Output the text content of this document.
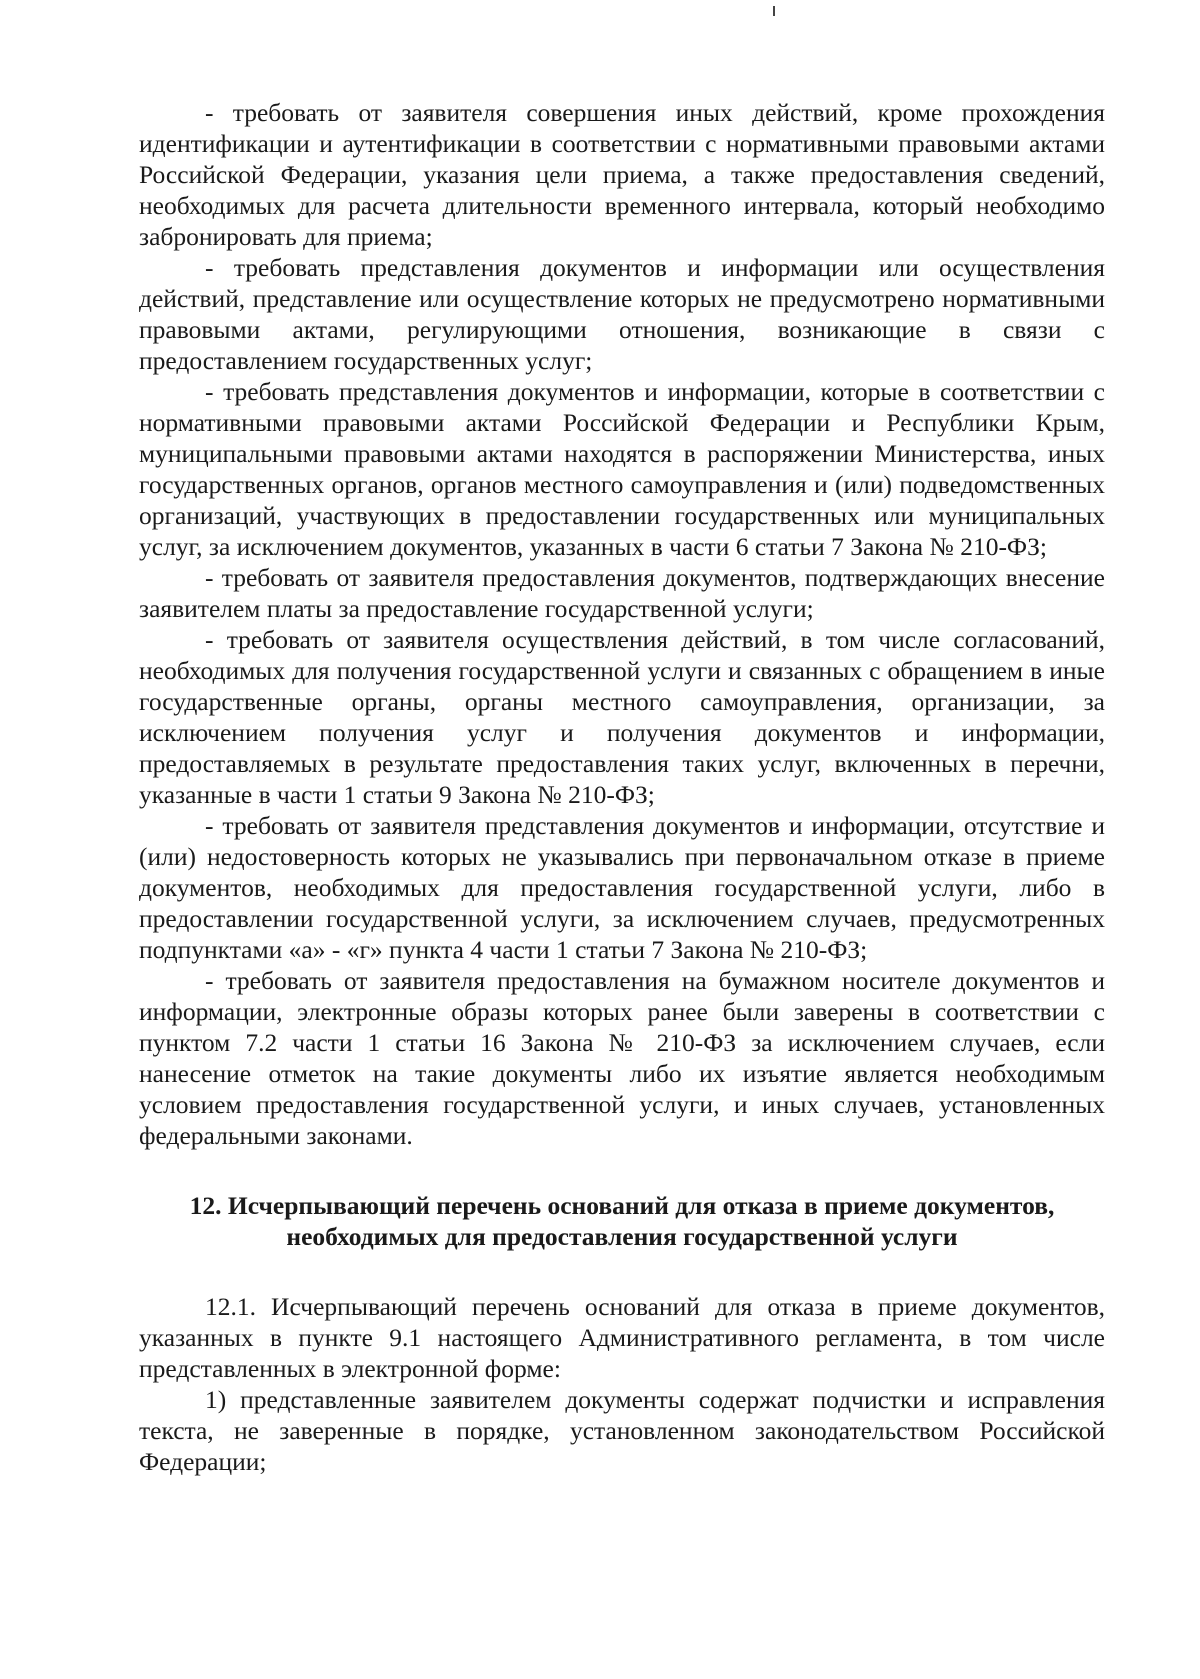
- требовать от заявителя совершения иных действий, кроме прохождения идентификации и аутентификации в соответствии с нормативными правовыми актами Российской Федерации, указания цели приема, а также предоставления сведений, необходимых для расчета длительности временного интервала, который необходимо забронировать для приема;

- требовать представления документов и информации или осуществления действий, представление или осуществление которых не предусмотрено нормативными правовыми актами, регулирующими отношения, возникающие в связи с предоставлением государственных услуг;

- требовать представления документов и информации, которые в соответствии с нормативными правовыми актами Российской Федерации и Республики Крым, муниципальными правовыми актами находятся в распоряжении Министерства, иных государственных органов, органов местного самоуправления и (или) подведомственных организаций, участвующих в предоставлении государственных или муниципальных услуг, за исключением документов, указанных в части 6 статьи 7 Закона № 210-ФЗ;

- требовать от заявителя предоставления документов, подтверждающих внесение заявителем платы за предоставление государственной услуги;

- требовать от заявителя осуществления действий, в том числе согласований, необходимых для получения государственной услуги и связанных с обращением в иные государственные органы, органы местного самоуправления, организации, за исключением получения услуг и получения документов и информации, предоставляемых в результате предоставления таких услуг, включенных в перечни, указанные в части 1 статьи 9 Закона № 210-ФЗ;

- требовать от заявителя представления документов и информации, отсутствие и (или) недостоверность которых не указывались при первоначальном отказе в приеме документов, необходимых для предоставления государственной услуги, либо в предоставлении государственной услуги, за исключением случаев, предусмотренных подпунктами «а» - «г» пункта 4 части 1 статьи 7 Закона № 210-ФЗ;

- требовать от заявителя предоставления на бумажном носителе документов и информации, электронные образы которых ранее были заверены в соответствии с пунктом 7.2 части 1 статьи 16 Закона № 210-ФЗ за исключением случаев, если нанесение отметок на такие документы либо их изъятие является необходимым условием предоставления государственной услуги, и иных случаев, установленных федеральными законами.

12. Исчерпывающий перечень оснований для отказа в приеме документов, необходимых для предоставления государственной услуги

12.1. Исчерпывающий перечень оснований для отказа в приеме документов, указанных в пункте 9.1 настоящего Административного регламента, в том числе представленных в электронной форме:

1) представленные заявителем документы содержат подчистки и исправления текста, не заверенные в порядке, установленном законодательством Российской Федерации;
